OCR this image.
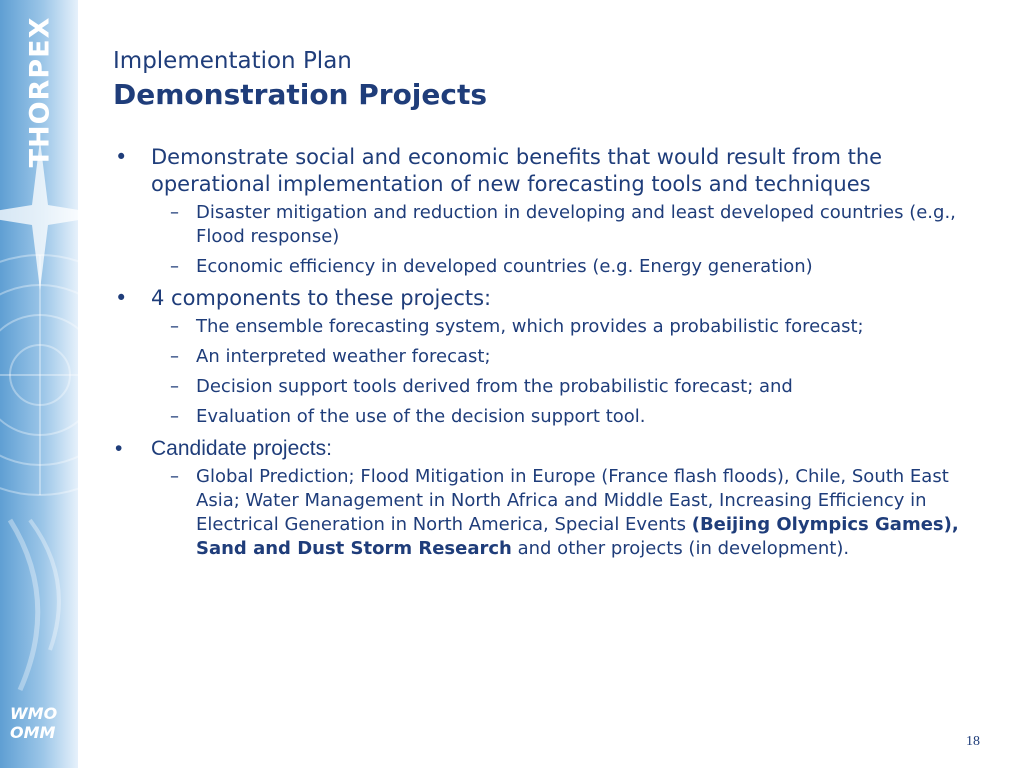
THORPEX
WMO
OMM
Implementation Plan
Demonstration Projects
• Demonstrate social and economic benefits that would result from the operational implementation of new forecasting tools and techniques
– Disaster mitigation and reduction in developing and least developed countries (e.g., Flood response)
– Economic efficiency in developed countries (e.g. Energy generation)
• 4 components to these projects:
– The ensemble forecasting system, which provides a probabilistic forecast;
– An interpreted weather forecast;
– Decision support tools derived from the probabilistic forecast; and
– Evaluation of the use of the decision support tool.
• Candidate projects:
– Global Prediction; Flood Mitigation in Europe (France flash floods), Chile, South East Asia; Water Management in North Africa and Middle East, Increasing Efficiency in Electrical Generation in North America, Special Events (Beijing Olympics Games), Sand and Dust Storm Research and other projects (in development).
18
